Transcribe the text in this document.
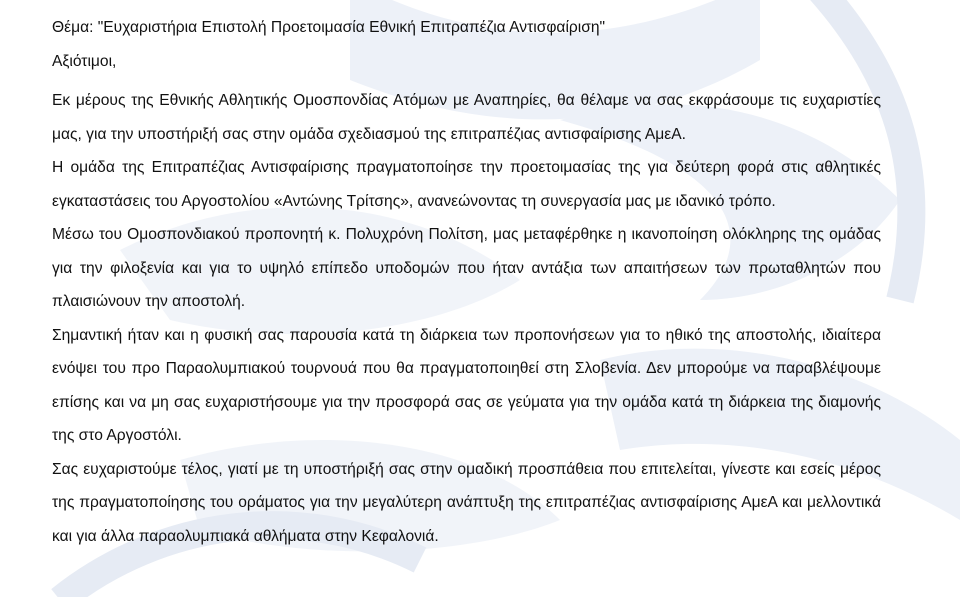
Θέμα: "Ευχαριστήρια Επιστολή Προετοιμασία Εθνική Επιτραπέζια Αντισφαίριση"
Αξιότιμοι,

Εκ μέρους της Εθνικής Αθλητικής Ομοσπονδίας Ατόμων με Αναπηρίες, θα θέλαμε να σας εκφράσουμε τις ευχαριστίες μας, για την υποστήριξή σας στην ομάδα σχεδιασμού της επιτραπέζιας αντισφαίρισης ΑμεΑ.

Η ομάδα της Επιτραπέζιας Αντισφαίρισης πραγματοποίησε την προετοιμασίας της για δεύτερη φορά στις αθλητικές εγκαταστάσεις του Αργοστολίου «Αντώνης Τρίτσης», ανανεώνοντας τη συνεργασία μας με ιδανικό τρόπο.

Μέσω του Ομοσπονδιακού προπονητή κ. Πολυχρόνη Πολίτση, μας μεταφέρθηκε η ικανοποίηση ολόκληρης της ομάδας για την φιλοξενία και για το υψηλό επίπεδο υποδομών που ήταν αντάξια των απαιτήσεων των πρωταθλητών που πλαισιώνουν την αποστολή.

Σημαντική ήταν και η φυσική σας παρουσία κατά τη διάρκεια των προπονήσεων για το ηθικό της αποστολής, ιδιαίτερα ενόψει του προ Παραολυμπιακού τουρνουά που θα πραγματοποιηθεί στη Σλοβενία. Δεν μπορούμε να παραβλέψουμε επίσης και να μη σας ευχαριστήσουμε για την προσφορά σας σε γεύματα για την ομάδα κατά τη διάρκεια της διαμονής της στο Αργοστόλι.

Σας ευχαριστούμε τέλος, γιατί με τη υποστήριξή σας στην ομαδική προσπάθεια που επιτελείται, γίνεστε και εσείς μέρος της πραγματοποίησης του οράματος για την μεγαλύτερη ανάπτυξη της επιτραπέζιας αντισφαίρισης ΑμεΑ και μελλοντικά και για άλλα παραολυμπιακά αθλήματα στην Κεφαλονιά.
